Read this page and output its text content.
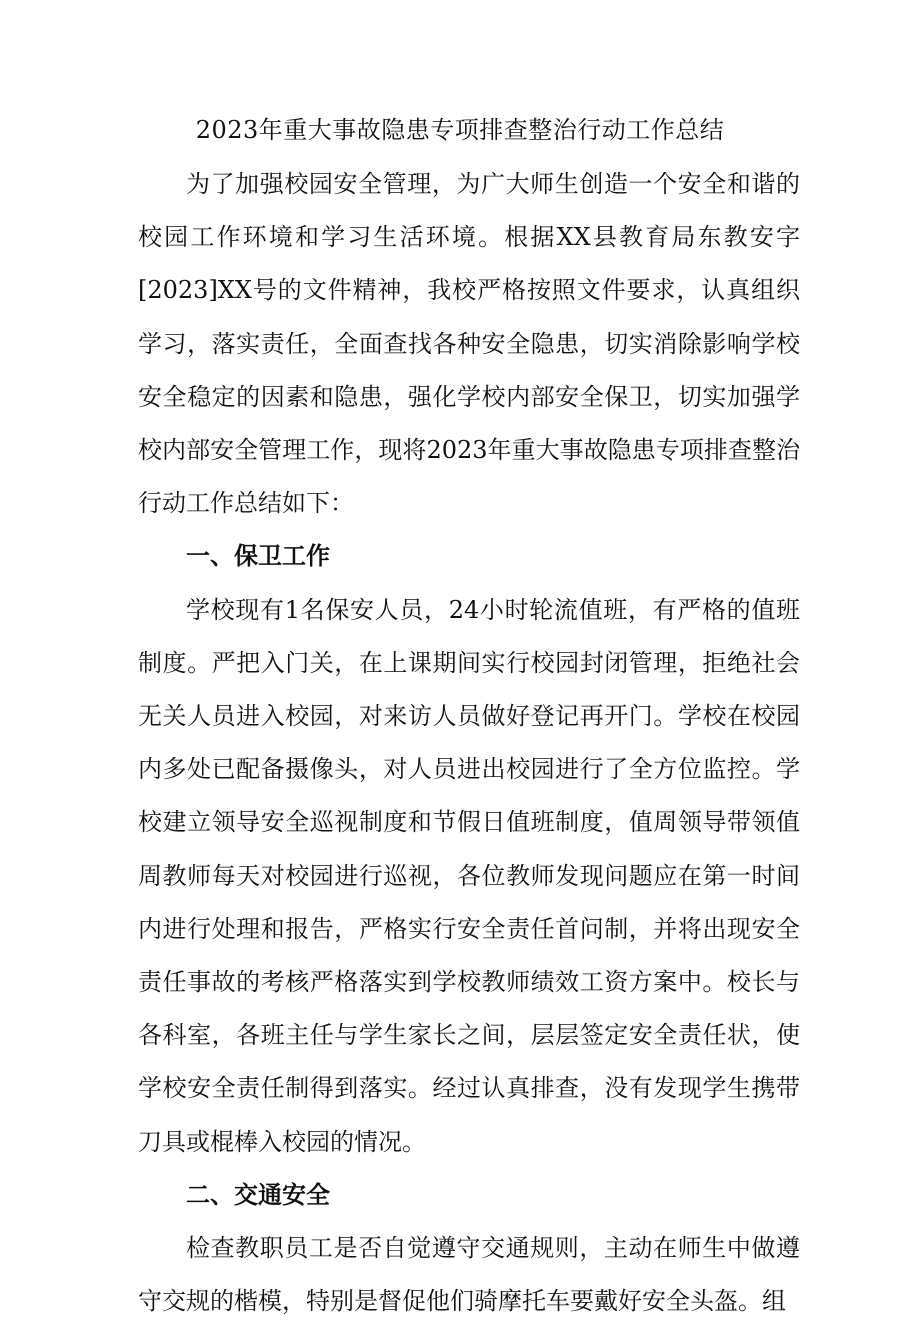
2023年重大事故隐患专项排查整治行动工作总结

为了加强校园安全管理，为广大师生创造一个安全和谐的校园工作环境和学习生活环境。根据XX县教育局东教安字[2023]XX号的文件精神，我校严格按照文件要求，认真组织学习，落实责任，全面查找各种安全隐患，切实消除影响学校安全稳定的因素和隐患，强化学校内部安全保卫，切实加强学校内部安全管理工作，现将2023年重大事故隐患专项排查整治行动工作总结如下：

一、保卫工作

学校现有1名保安人员，24小时轮流值班，有严格的值班制度。严把入门关，在上课期间实行校园封闭管理，拒绝社会无关人员进入校园，对来访人员做好登记再开门。学校在校园内多处已配备摄像头，对人员进出校园进行了全方位监控。学校建立领导安全巡视制度和节假日值班制度，值周领导带领值周教师每天对校园进行巡视，各位教师发现问题应在第一时间内进行处理和报告，严格实行安全责任首问制，并将出现安全责任事故的考核严格落实到学校教师绩效工资方案中。校长与各科室，各班主任与学生家长之间，层层签定安全责任状，使学校安全责任制得到落实。经过认真排查，没有发现学生携带刀具或棍棒入校园的情况。

二、交通安全

检查教职员工是否自觉遵守交通规则，主动在师生中做遵守交规的楷模，特别是督促他们骑摩托车要戴好安全头盔。组
